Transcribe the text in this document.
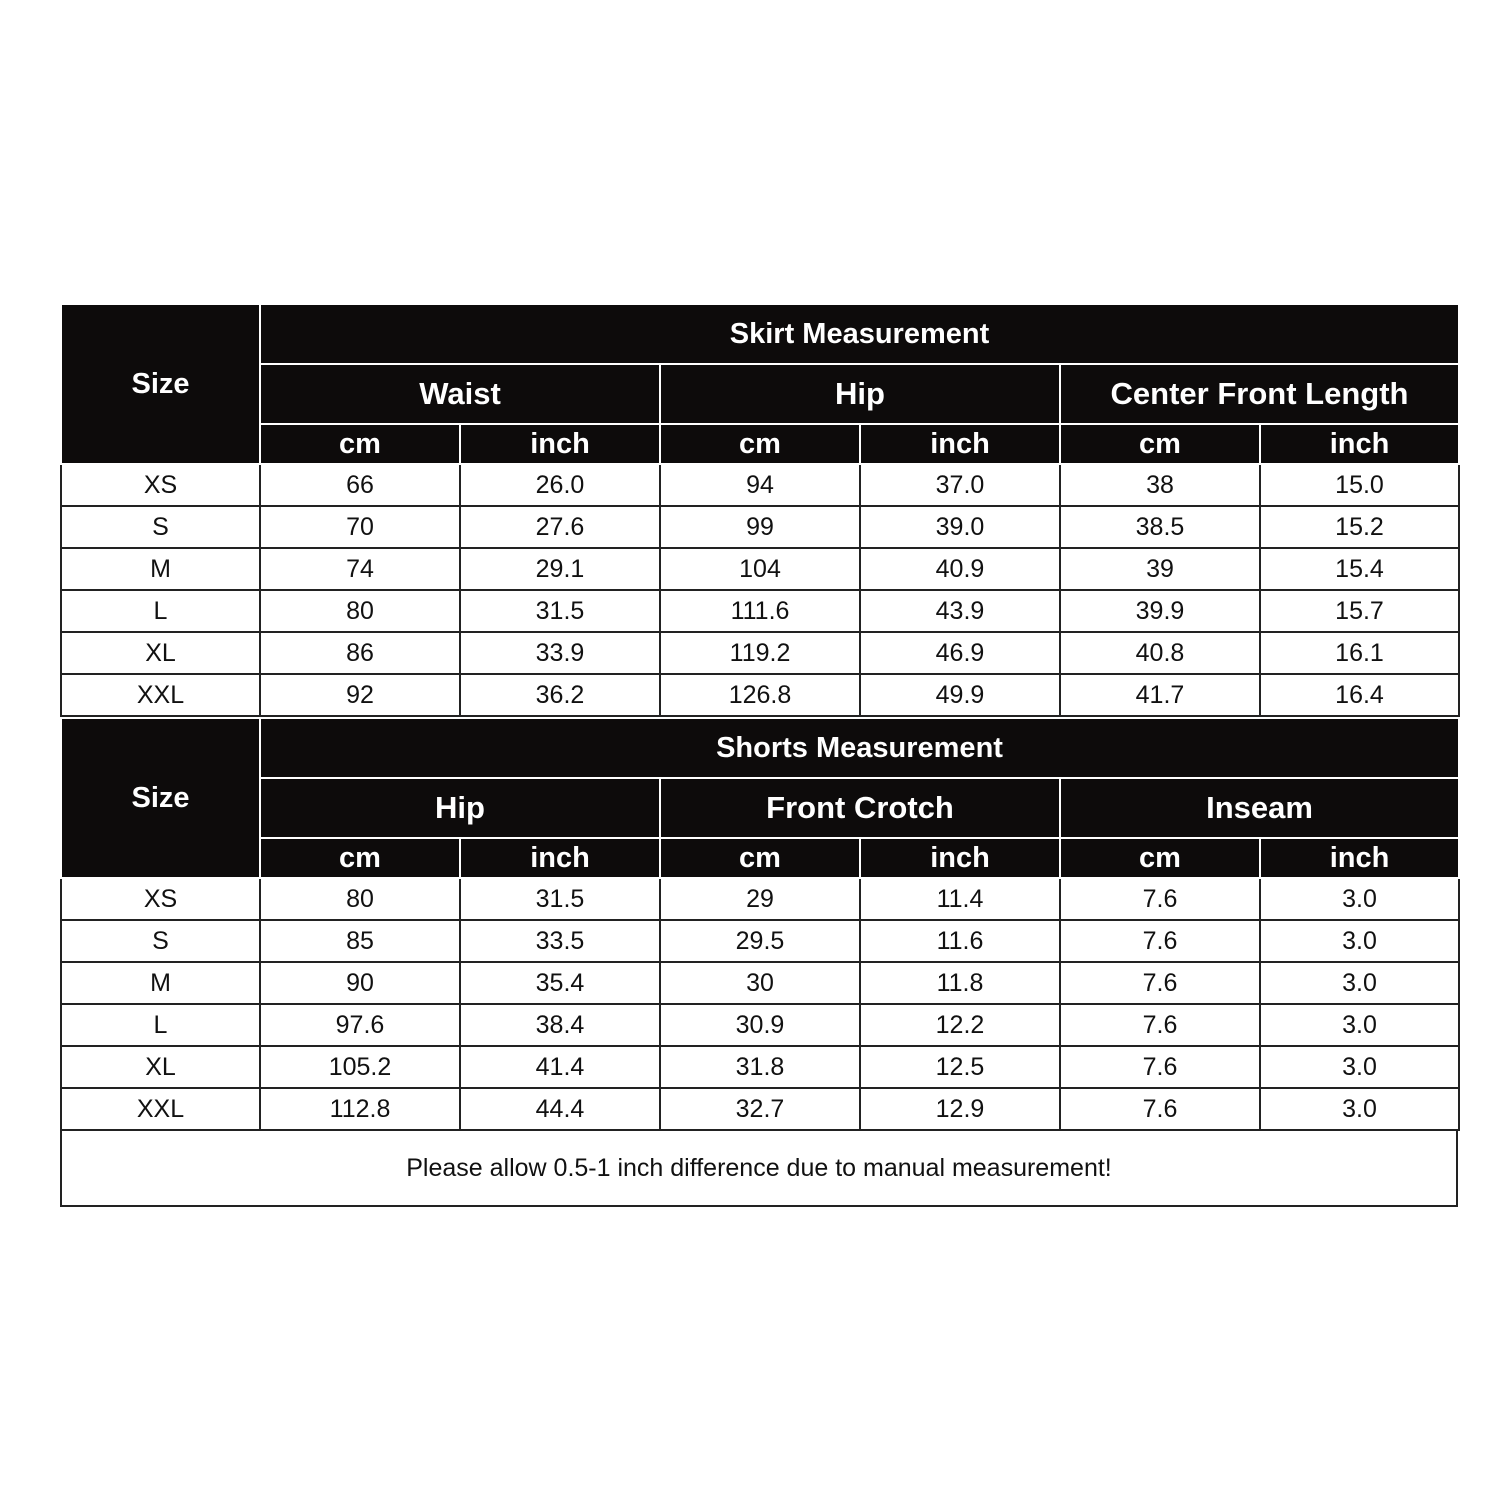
Size	Skirt Measurement					
	Waist		Hip		Center Front Length	
	cm	inch	cm	inch	cm	inch
XS	66	26.0	94	37.0	38	15.0
S	70	27.6	99	39.0	38.5	15.2
M	74	29.1	104	40.9	39	15.4
L	80	31.5	111.6	43.9	39.9	15.7
XL	86	33.9	119.2	46.9	40.8	16.1
XXL	92	36.2	126.8	49.9	41.7	16.4
Size	Shorts Measurement					
	Hip		Front Crotch		Inseam	
	cm	inch	cm	inch	cm	inch
XS	80	31.5	29	11.4	7.6	3.0
S	85	33.5	29.5	11.6	7.6	3.0
M	90	35.4	30	11.8	7.6	3.0
L	97.6	38.4	30.9	12.2	7.6	3.0
XL	105.2	41.4	31.8	12.5	7.6	3.0
XXL	112.8	44.4	32.7	12.9	7.6	3.0
Please allow 0.5-1 inch difference due to manual measurement!
